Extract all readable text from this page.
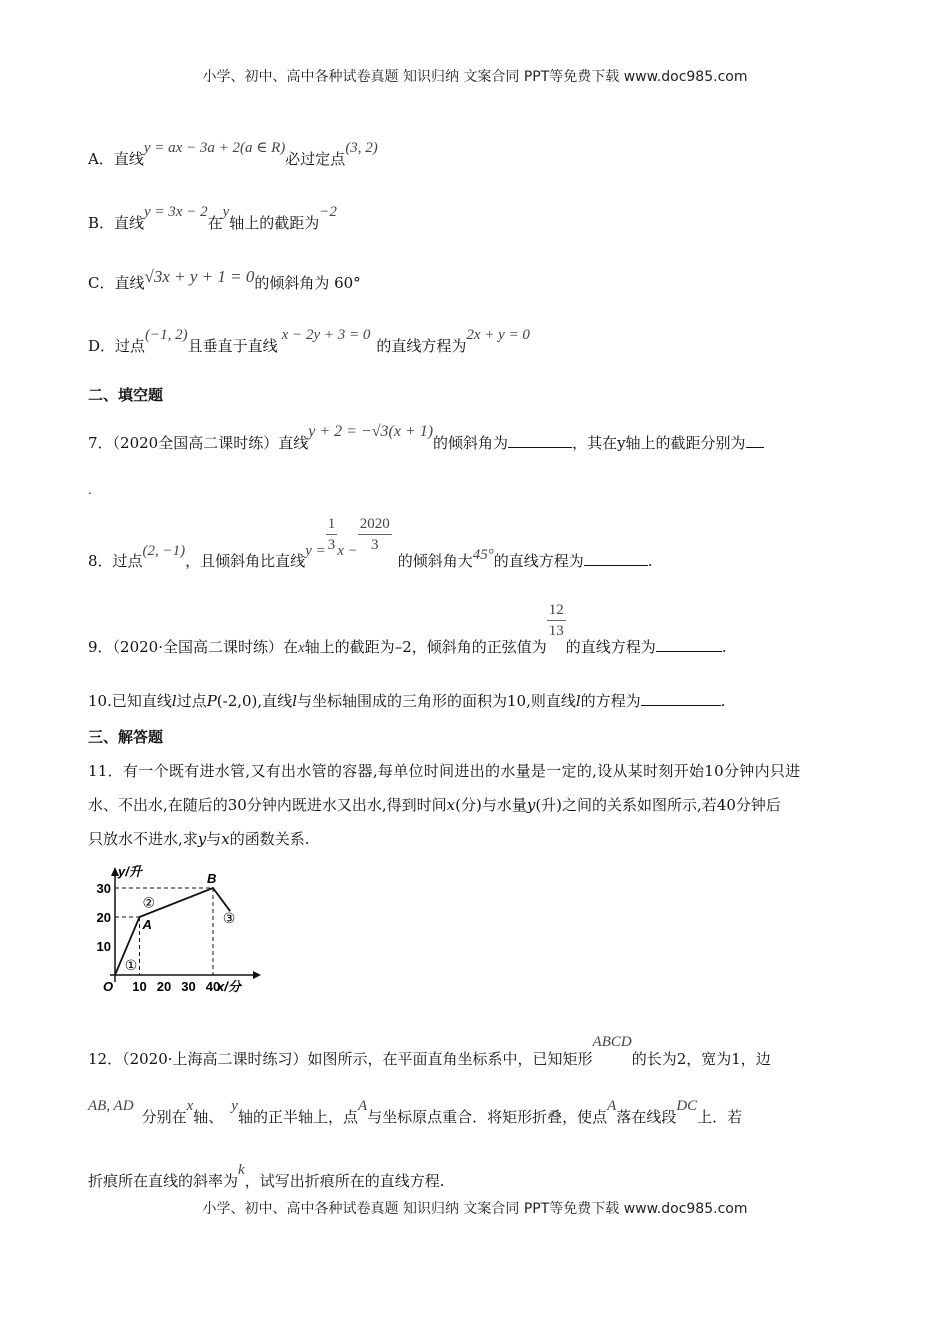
小学、初中、高中各种试卷真题 知识归纳 文案合同 PPT等免费下载 www.doc985.com
A．直线y = ax − 3a + 2(a ∈ R)必过定点(3, 2)
B．直线y = 3x − 2在y轴上的截距为−2
C．直线√3x + y + 1 = 0的倾斜角为 60°
D．过点(−1, 2)且垂直于直线x − 2y + 3 = 0的直线方程为2x + y = 0
二、填空题
7．（2020全国高二课时练）直线y + 2 = −√3(x + 1)的倾斜角为	，其在y轴上的截距分别为
.
8．过点(2, −1)，且倾斜角比直线$y = \frac{1}{3}$ $x - \frac{2020}{3}$
的倾斜角大45°的直线方程为	.
9．（2020·全国高二课时练）在x轴上的截距为–2，倾斜角的正弦值为
$\frac{12}{13}$
的直线方程为	.
10.已知直线l过点P(-2,0),直线l与坐标轴围成的三角形的面积为10,则直线l的方程为	.
三、解答题
11．有一个既有进水管,又有出水管的容器,每单位时间进出的水量是一定的,设从某时刻开始10分钟内只进
水、不出水,在随后的30分钟内既进水又出水,得到时间x(分)与水量y(升)之间的关系如图所示,若40分钟后
只放水不进水,求y与x的函数关系.
10 20 30 40
10
20
30
O
y/升
x/分
A
B
①
②
③
12．（2020·上海高二课时练习）如图所示，在平面直角坐标系中，已知矩形ABCD的长为2，宽为1，边
AB, AD分别在x轴、y轴的正半轴上，点A与坐标原点重合．将矩形折叠，使点A落在线段DC上．若
折痕所在直线的斜率为k，试写出折痕所在的直线方程.
小学、初中、高中各种试卷真题 知识归纳 文案合同 PPT等免费下载 www.doc985.com
